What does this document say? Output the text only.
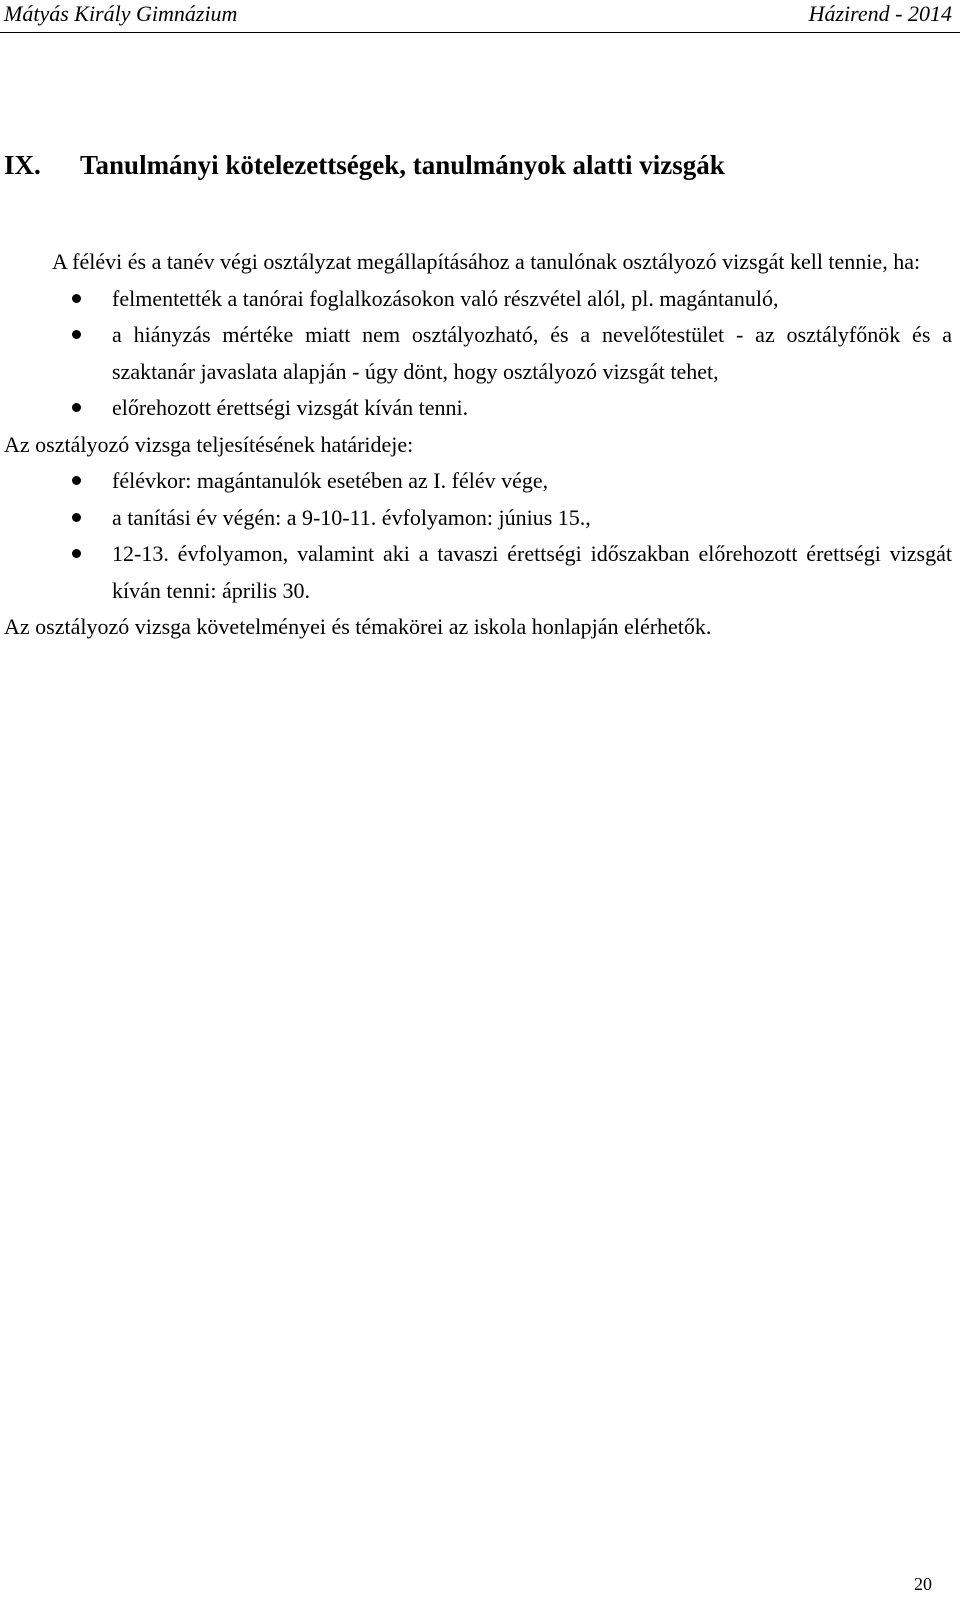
Mátyás Király Gimnázium	Házirend - 2014
IX. Tanulmányi kötelezettségek, tanulmányok alatti vizsgák

A félévi és a tanév végi osztályzat megállapításához a tanulónak osztályozó vizsgát kell tennie, ha:

felmentették a tanórai foglalkozásokon való részvétel alól, pl. magántanuló,
a hiányzás mértéke miatt nem osztályozható, és a nevelőtestület - az osztályfőnök és a szaktanár javaslata alapján - úgy dönt, hogy osztályozó vizsgát tehet,
előrehozott érettségi vizsgát kíván tenni.

Az osztályozó vizsga teljesítésének határideje:

félévkor: magántanulók esetében az I. félév vége,
a tanítási év végén: a 9-10-11. évfolyamon: június 15.,
12-13. évfolyamon, valamint aki a tavaszi érettségi időszakban előrehozott érettségi vizsgát kíván tenni: április 30.

Az osztályozó vizsga követelményei és témakörei az iskola honlapján elérhetők.

20
